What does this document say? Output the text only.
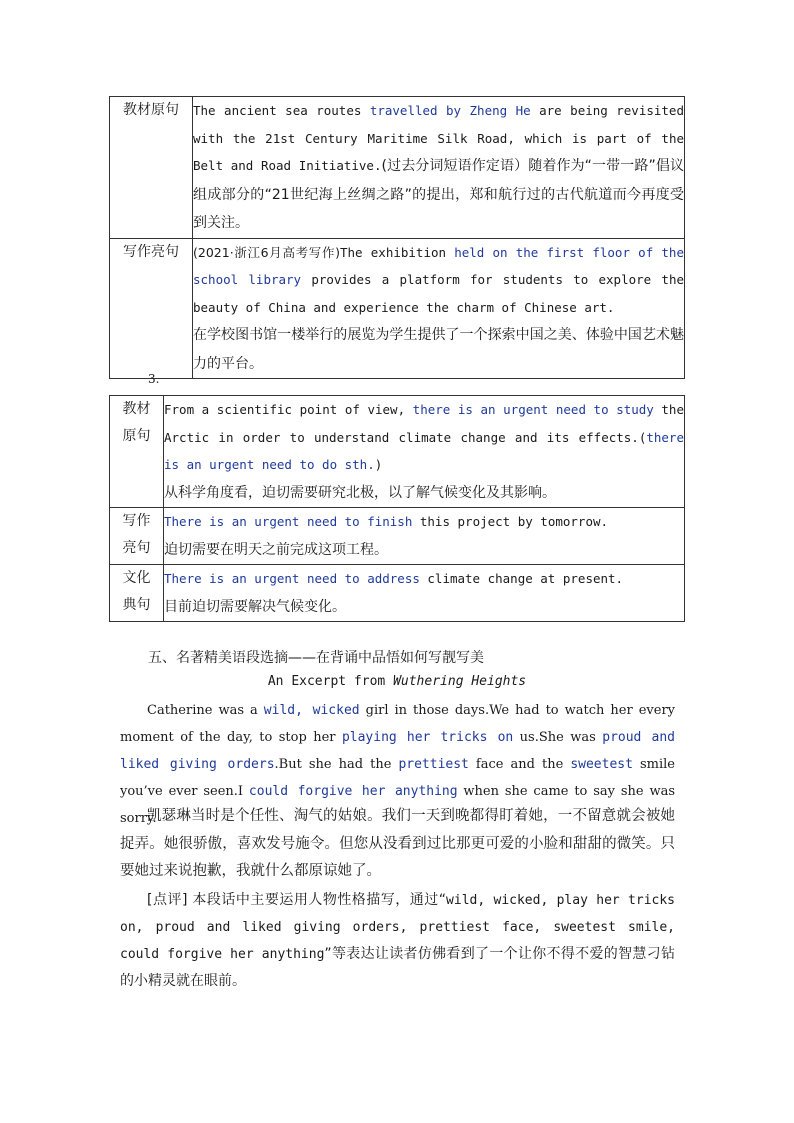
教材原句	The ancient sea routes travelled by Zheng He are being revisited with the 21st Century Maritime Silk Road, which is part of the Belt and Road Initiative.(过去分词短语作定语）随着作为“一带一路”倡议组成部分的“21世纪海上丝绸之路”的提出，郑和航行过的古代航道而今再度受到关注。
写作亮句	(2021·浙江6月高考写作)The exhibition held on the first floor of the school library provides a platform for students to explore the beauty of China and experience the charm of Chinese art.
在学校图书馆一楼举行的展览为学生提供了一个探索中国之美、体验中国艺术魅力的平台。
3.
教材原句	From a scientific point of view, there is an urgent need to study the Arctic in order to understand climate change and its effects.(there is an urgent need to do sth.)
从科学角度看，迫切需要研究北极，以了解气候变化及其影响。
写作亮句	There is an urgent need to finish this project by tomorrow.
迫切需要在明天之前完成这项工程。
文化典句	There is an urgent need to address climate change at present.
目前迫切需要解决气候变化。
五、名著精美语段选摘——在背诵中品悟如何写靓写美
An Excerpt from Wuthering Heights
Catherine was a wild, wicked girl in those days.We had to watch her every moment of the day, to stop her playing her tricks on us.She was proud and liked giving orders.But she had the prettiest face and the sweetest smile you’ve ever seen.I could forgive her anything when she came to say she was sorry.
凯瑟琳当时是个任性、淘气的姑娘。我们一天到晚都得盯着她，一不留意就会被她捉弄。她很骄傲，喜欢发号施令。但您从没看到过比那更可爱的小脸和甜甜的微笑。只要她过来说抱歉，我就什么都原谅她了。
[点评] 本段话中主要运用人物性格描写，通过“wild, wicked, play her tricks on, proud and liked giving orders, prettiest face, sweetest smile, could forgive her anything”等表达让读者仿佛看到了一个让你不得不爱的智慧刁钻的小精灵就在眼前。
